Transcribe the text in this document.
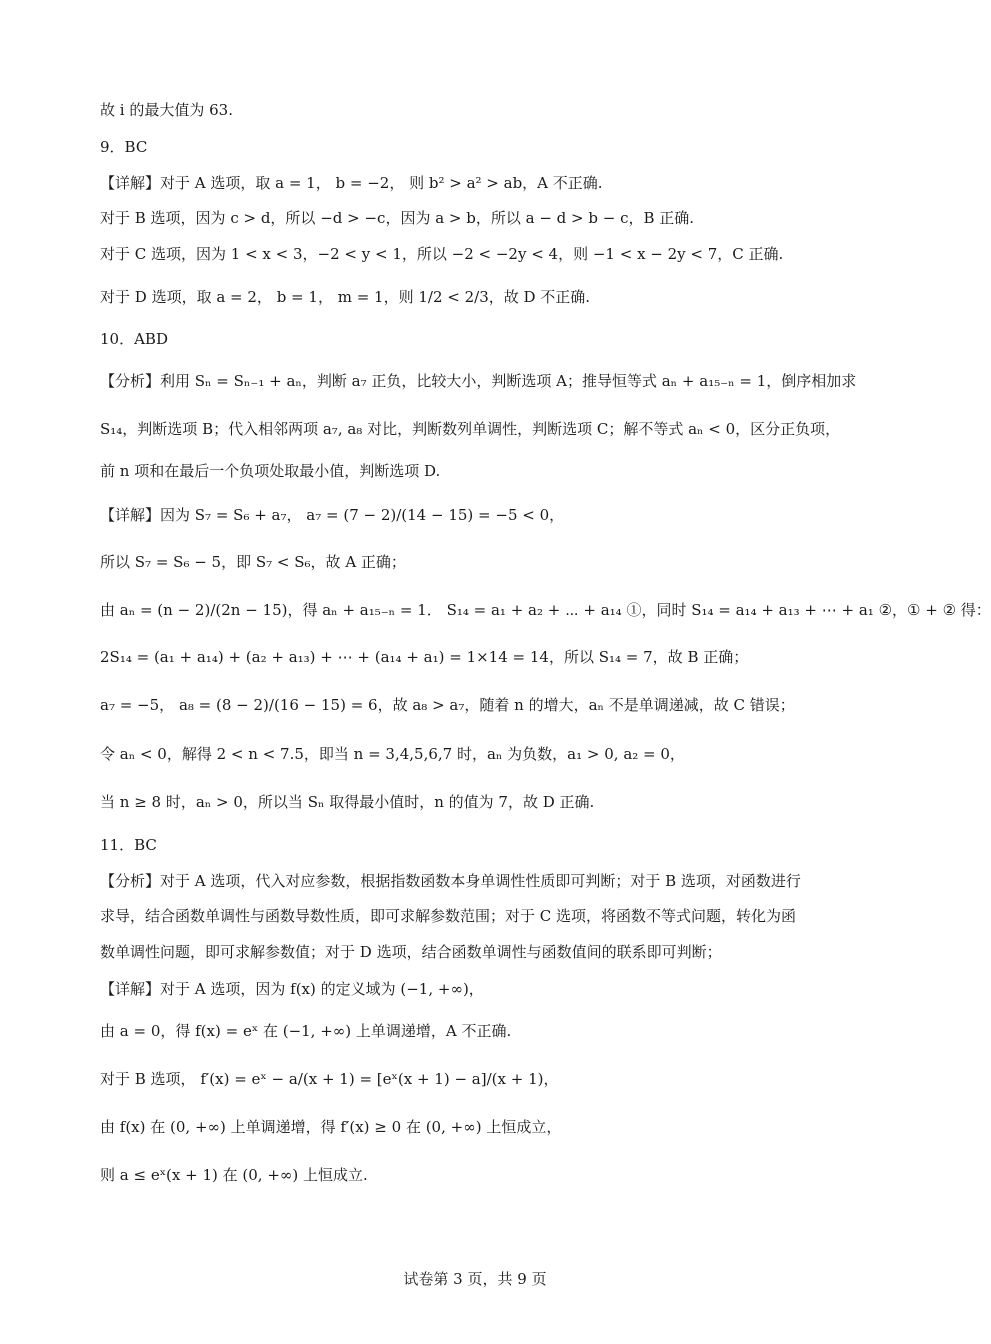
故 i 的最大值为 63.
9．BC
【详解】对于 A 选项，取 a = 1， b = −2， 则 b² > a² > ab，A 不正确.
对于 B 选项，因为 c > d，所以 −d > −c，因为 a > b，所以 a − d > b − c，B 正确.
对于 C 选项，因为 1 < x < 3，−2 < y < 1，所以 −2 < −2y < 4，则 −1 < x − 2y < 7，C 正确.
对于 D 选项，取 a = 2， b = 1， m = 1，则 1/2 < 2/3，故 D 不正确.
10．ABD
【分析】利用 Sₙ = Sₙ₋₁ + aₙ，判断 a₇ 正负，比较大小，判断选项 A；推导恒等式 aₙ + a₁₅₋ₙ = 1，倒序相加求
S₁₄，判断选项 B；代入相邻两项 a₇, a₈ 对比，判断数列单调性，判断选项 C；解不等式 aₙ < 0，区分正负项，
前 n 项和在最后一个负项处取最小值，判断选项 D.
【详解】因为 S₇ = S₆ + a₇， a₇ = (7 − 2)/(14 − 15) = −5 < 0，
所以 S₇ = S₆ − 5，即 S₇ < S₆，故 A 正确；
由 aₙ = (n − 2)/(2n − 15)，得 aₙ + a₁₅₋ₙ = 1． S₁₄ = a₁ + a₂ + ⋯ + a₁₄ ①，同时 S₁₄ = a₁₄ + a₁₃ + ⋯ + a₁ ②，① + ② 得：
2S₁₄ = (a₁ + a₁₄) + (a₂ + a₁₃) + ⋯ + (a₁₄ + a₁) = 1×14 = 14，所以 S₁₄ = 7，故 B 正确；
a₇ = −5， a₈ = (8 − 2)/(16 − 15) = 6，故 a₈ > a₇，随着 n 的增大，aₙ 不是单调递减，故 C 错误；
令 aₙ < 0，解得 2 < n < 7.5，即当 n = 3,4,5,6,7 时，aₙ 为负数，a₁ > 0, a₂ = 0，
当 n ≥ 8 时，aₙ > 0，所以当 Sₙ 取得最小值时，n 的值为 7，故 D 正确.
11．BC
【分析】对于 A 选项，代入对应参数，根据指数函数本身单调性性质即可判断；对于 B 选项，对函数进行
求导，结合函数单调性与函数导数性质，即可求解参数范围；对于 C 选项，将函数不等式问题，转化为函
数单调性问题，即可求解参数值；对于 D 选项，结合函数单调性与函数值间的联系即可判断；
【详解】对于 A 选项，因为 f(x) 的定义域为 (−1, +∞)，
由 a = 0，得 f(x) = eˣ 在 (−1, +∞) 上单调递增，A 不正确.
对于 B 选项， f′(x) = eˣ − a/(x + 1) = [eˣ(x + 1) − a]/(x + 1)，
由 f(x) 在 (0, +∞) 上单调递增，得 f′(x) ≥ 0 在 (0, +∞) 上恒成立，
则 a ≤ eˣ(x + 1) 在 (0, +∞) 上恒成立.
试卷第 3 页，共 9 页
